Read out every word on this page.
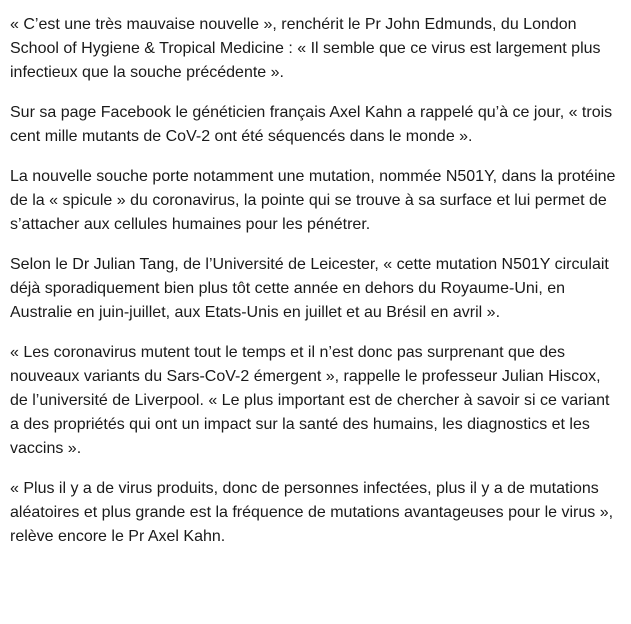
« C’est une très mauvaise nouvelle », renchérit le Pr John Edmunds, du London School of Hygiene & Tropical Medicine : « Il semble que ce virus est largement plus infectieux que la souche précédente ».

Sur sa page Facebook le généticien français Axel Kahn a rappelé qu’à ce jour, « trois cent mille mutants de CoV-2 ont été séquencés dans le monde ».

La nouvelle souche porte notamment une mutation, nommée N501Y, dans la protéine de la « spicule » du coronavirus, la pointe qui se trouve à sa surface et lui permet de s’attacher aux cellules humaines pour les pénétrer.

Selon le Dr Julian Tang, de l’Université de Leicester, « cette mutation N501Y circulait déjà sporadiquement bien plus tôt cette année en dehors du Royaume-Uni, en Australie en juin-juillet, aux Etats-Unis en juillet et au Brésil en avril ».

« Les coronavirus mutent tout le temps et il n’est donc pas surprenant que des nouveaux variants du Sars-CoV-2 émergent », rappelle le professeur Julian Hiscox, de l’université de Liverpool. « Le plus important est de chercher à savoir si ce variant a des propriétés qui ont un impact sur la santé des humains, les diagnostics et les vaccins ».

« Plus il y a de virus produits, donc de personnes infectées, plus il y a de mutations aléatoires et plus grande est la fréquence de mutations avantageuses pour le virus », relève encore le Pr Axel Kahn.
